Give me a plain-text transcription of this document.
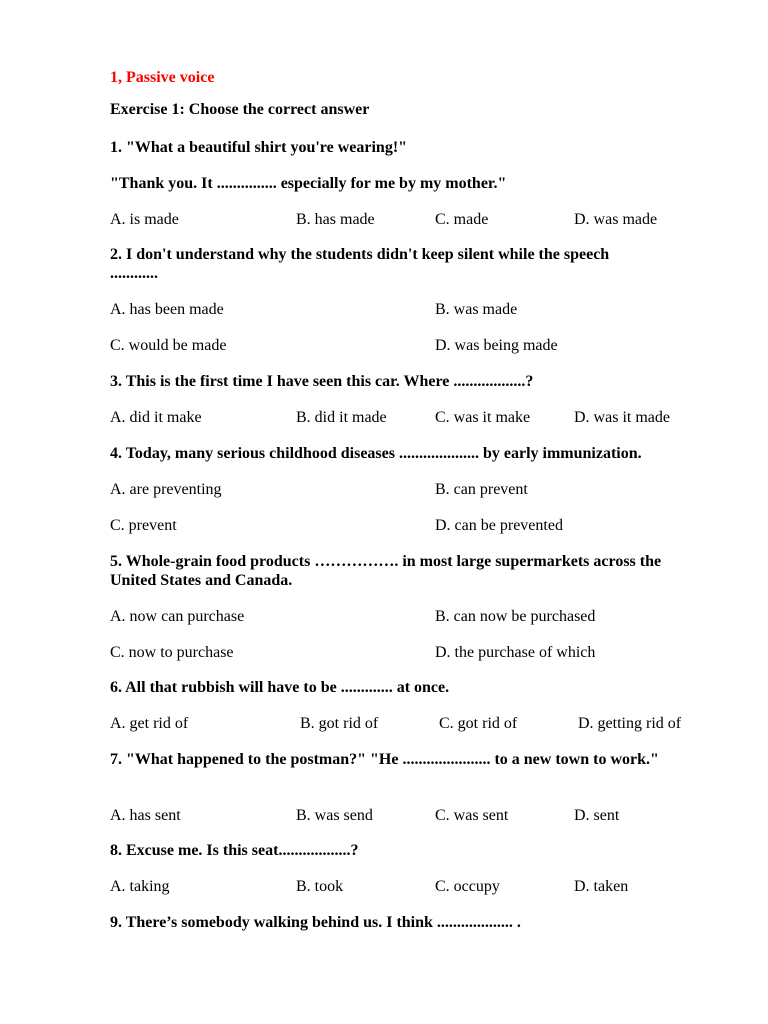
1, Passive voice
Exercise 1: Choose the correct answer
1. "What a beautiful shirt you're wearing!"
"Thank you. It ............... especially for me by my mother."
A. is made	B. has made	C. made	D. was made
2. I don't understand why the students didn't keep silent while the speech ............
A. has been made	B. was made
C. would be made	D. was being made
3. This is the first time I have seen this car. Where ..................?
A. did it make	B. did it made	C. was it make	D. was it made
4. Today, many serious childhood diseases .................... by early immunization.
A. are preventing	B. can prevent
C. prevent	D. can be prevented
5. Whole-grain food products ……………. in most large supermarkets across the United States and Canada.
A. now can purchase	B. can now be purchased
C. now to purchase	D. the purchase of which
6. All that rubbish will have to be ............. at once.
A. get rid of	B. got rid of	C. got rid of	D. getting rid of
7. "What happened to the postman?" "He ...................... to a new town to work."
A. has sent	B. was send	C. was sent	D. sent
8. Excuse me. Is this seat..................?
A. taking	B. took	C. occupy	D. taken
9. There’s somebody walking behind us. I think ................... .
